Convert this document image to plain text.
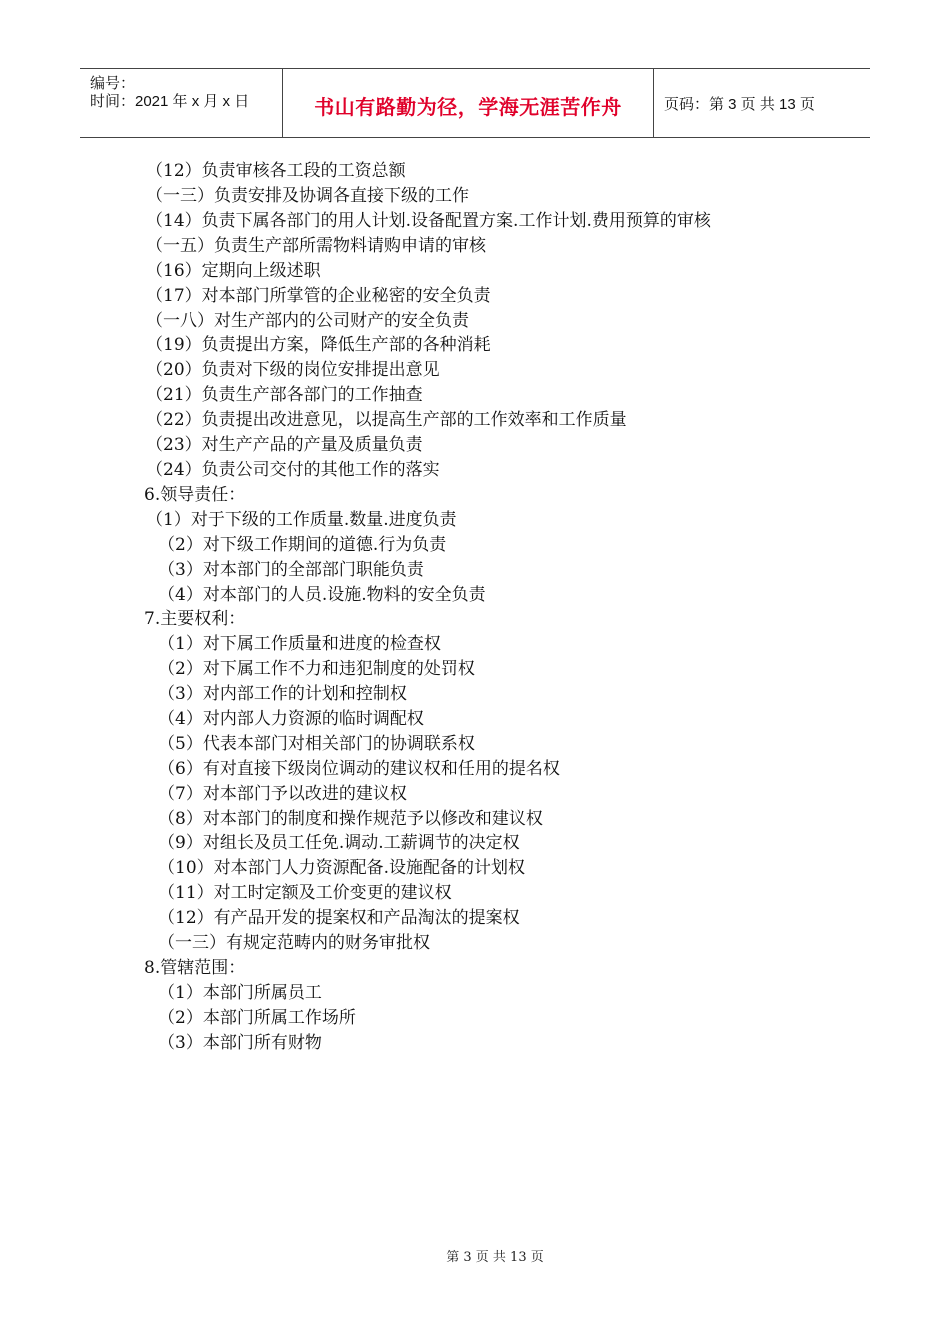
编号：
时间：2021 年 x 月 x 日	书山有路勤为径，学海无涯苦作舟	页码：第 3 页 共 13 页
（12）负责审核各工段的工资总额
（一三）负责安排及协调各直接下级的工作
（14）负责下属各部门的用人计划.设备配置方案.工作计划.费用预算的审核
（一五）负责生产部所需物料请购申请的审核
（16）定期向上级述职
（17）对本部门所掌管的企业秘密的安全负责
（一八）对生产部内的公司财产的安全负责
（19）负责提出方案，降低生产部的各种消耗
（20）负责对下级的岗位安排提出意见
（21）负责生产部各部门的工作抽查
（22）负责提出改进意见，以提高生产部的工作效率和工作质量
（23）对生产产品的产量及质量负责
（24）负责公司交付的其他工作的落实
6.领导责任：
（1）对于下级的工作质量.数量.进度负责
（2）对下级工作期间的道德.行为负责
（3）对本部门的全部部门职能负责
（4）对本部门的人员.设施.物料的安全负责
7.主要权利：
（1）对下属工作质量和进度的检查权
（2）对下属工作不力和违犯制度的处罚权
（3）对内部工作的计划和控制权
（4）对内部人力资源的临时调配权
（5）代表本部门对相关部门的协调联系权
（6）有对直接下级岗位调动的建议权和任用的提名权
（7）对本部门予以改进的建议权
（8）对本部门的制度和操作规范予以修改和建议权
（9）对组长及员工任免.调动.工薪调节的决定权
（10）对本部门人力资源配备.设施配备的计划权
（11）对工时定额及工价变更的建议权
（12）有产品开发的提案权和产品淘汰的提案权
（一三）有规定范畴内的财务审批权
8.管辖范围：
（1）本部门所属员工
（2）本部门所属工作场所
（3）本部门所有财物
第 3 页 共 13 页
